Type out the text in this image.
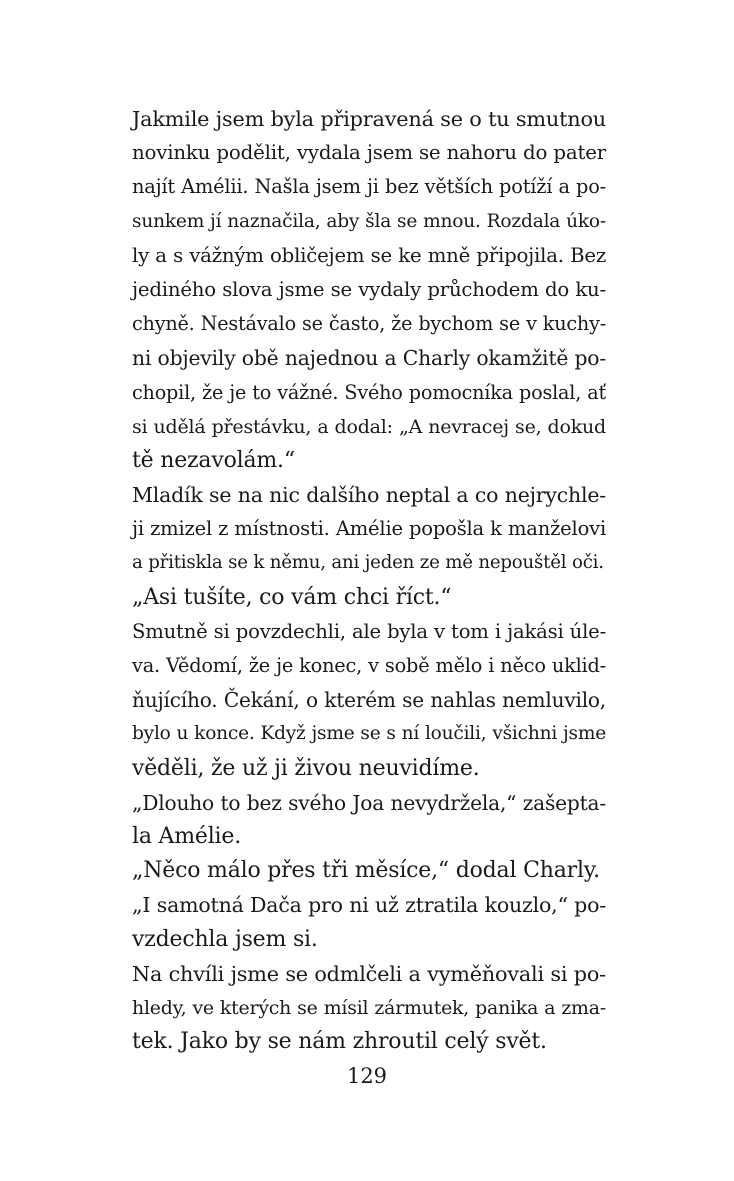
Jakmile jsem byla připravená se o tu smutnou
novinku podělit, vydala jsem se nahoru do pater
najít Amélii. Našla jsem ji bez větších potíží a po-
sunkem jí naznačila, aby šla se mnou. Rozdala úko-
ly a s vážným obličejem se ke mně připojila. Bez
jediného slova jsme se vydaly průchodem do ku-
chyně. Nestávalo se často, že bychom se v kuchy-
ni objevily obě najednou a Charly okamžitě po-
chopil, že je to vážné. Svého pomocníka poslal, ať
si udělá přestávku, a dodal: „A nevracej se, dokud
tě nezavolám.“
Mladík se na nic dalšího neptal a co nejrychle-
ji zmizel z místnosti. Amélie popošla k manželovi
a přitiskla se k němu, ani jeden ze mě nepouštěl oči.
„Asi tušíte, co vám chci říct.“
Smutně si povzdechli, ale byla v tom i jakási úle-
va. Vědomí, že je konec, v sobě mělo i něco uklid-
ňujícího. Čekání, o kterém se nahlas nemluvilo,
bylo u konce. Když jsme se s ní loučili, všichni jsme
věděli, že už ji živou neuvidíme.
„Dlouho to bez svého Joa nevydržela,“ zašepta-
la Amélie.
„Něco málo přes tři měsíce,“ dodal Charly.
„I samotná Dača pro ni už ztratila kouzlo,“ po-
vzdechla jsem si.
Na chvíli jsme se odmlčeli a vyměňovali si po-
hledy, ve kterých se mísil zármutek, panika a zma-
tek. Jako by se nám zhroutil celý svět.
129
